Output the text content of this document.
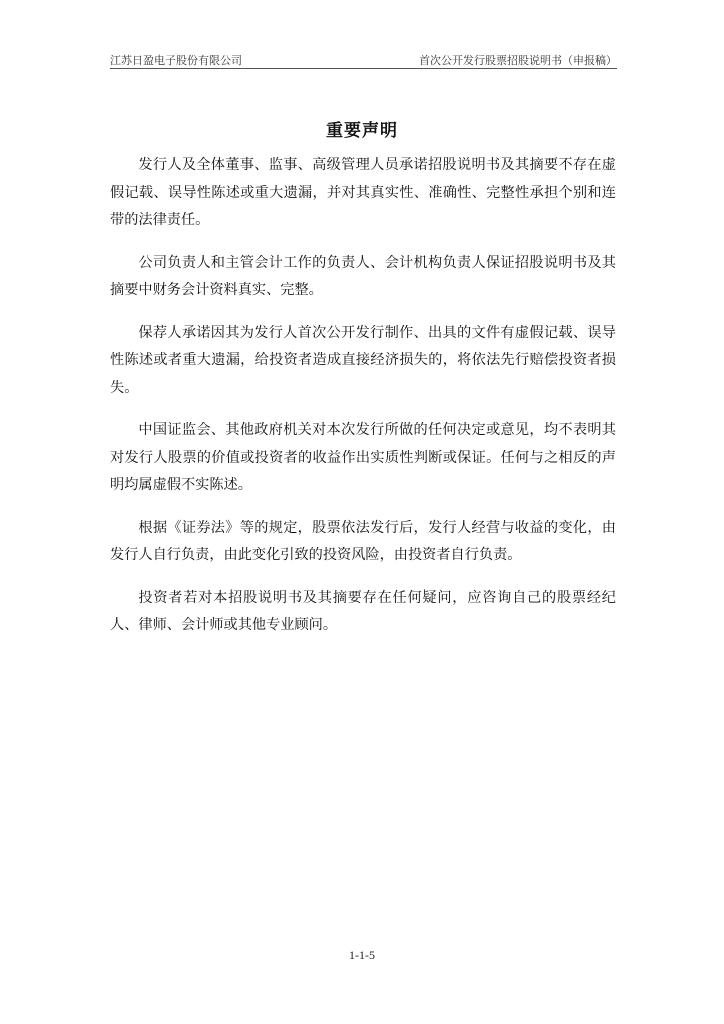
江苏日盈电子股份有限公司	首次公开发行股票招股说明书（申报稿）
重要声明

发行人及全体董事、监事、高级管理人员承诺招股说明书及其摘要不存在虚假记载、误导性陈述或重大遗漏，并对其真实性、准确性、完整性承担个别和连带的法律责任。

公司负责人和主管会计工作的负责人、会计机构负责人保证招股说明书及其摘要中财务会计资料真实、完整。

保荐人承诺因其为发行人首次公开发行制作、出具的文件有虚假记载、误导性陈述或者重大遗漏，给投资者造成直接经济损失的，将依法先行赔偿投资者损失。

中国证监会、其他政府机关对本次发行所做的任何决定或意见，均不表明其对发行人股票的价值或投资者的收益作出实质性判断或保证。任何与之相反的声明均属虚假不实陈述。

根据《证券法》等的规定，股票依法发行后，发行人经营与收益的变化，由发行人自行负责，由此变化引致的投资风险，由投资者自行负责。

投资者若对本招股说明书及其摘要存在任何疑问，应咨询自己的股票经纪人、律师、会计师或其他专业顾问。

1-1-5
